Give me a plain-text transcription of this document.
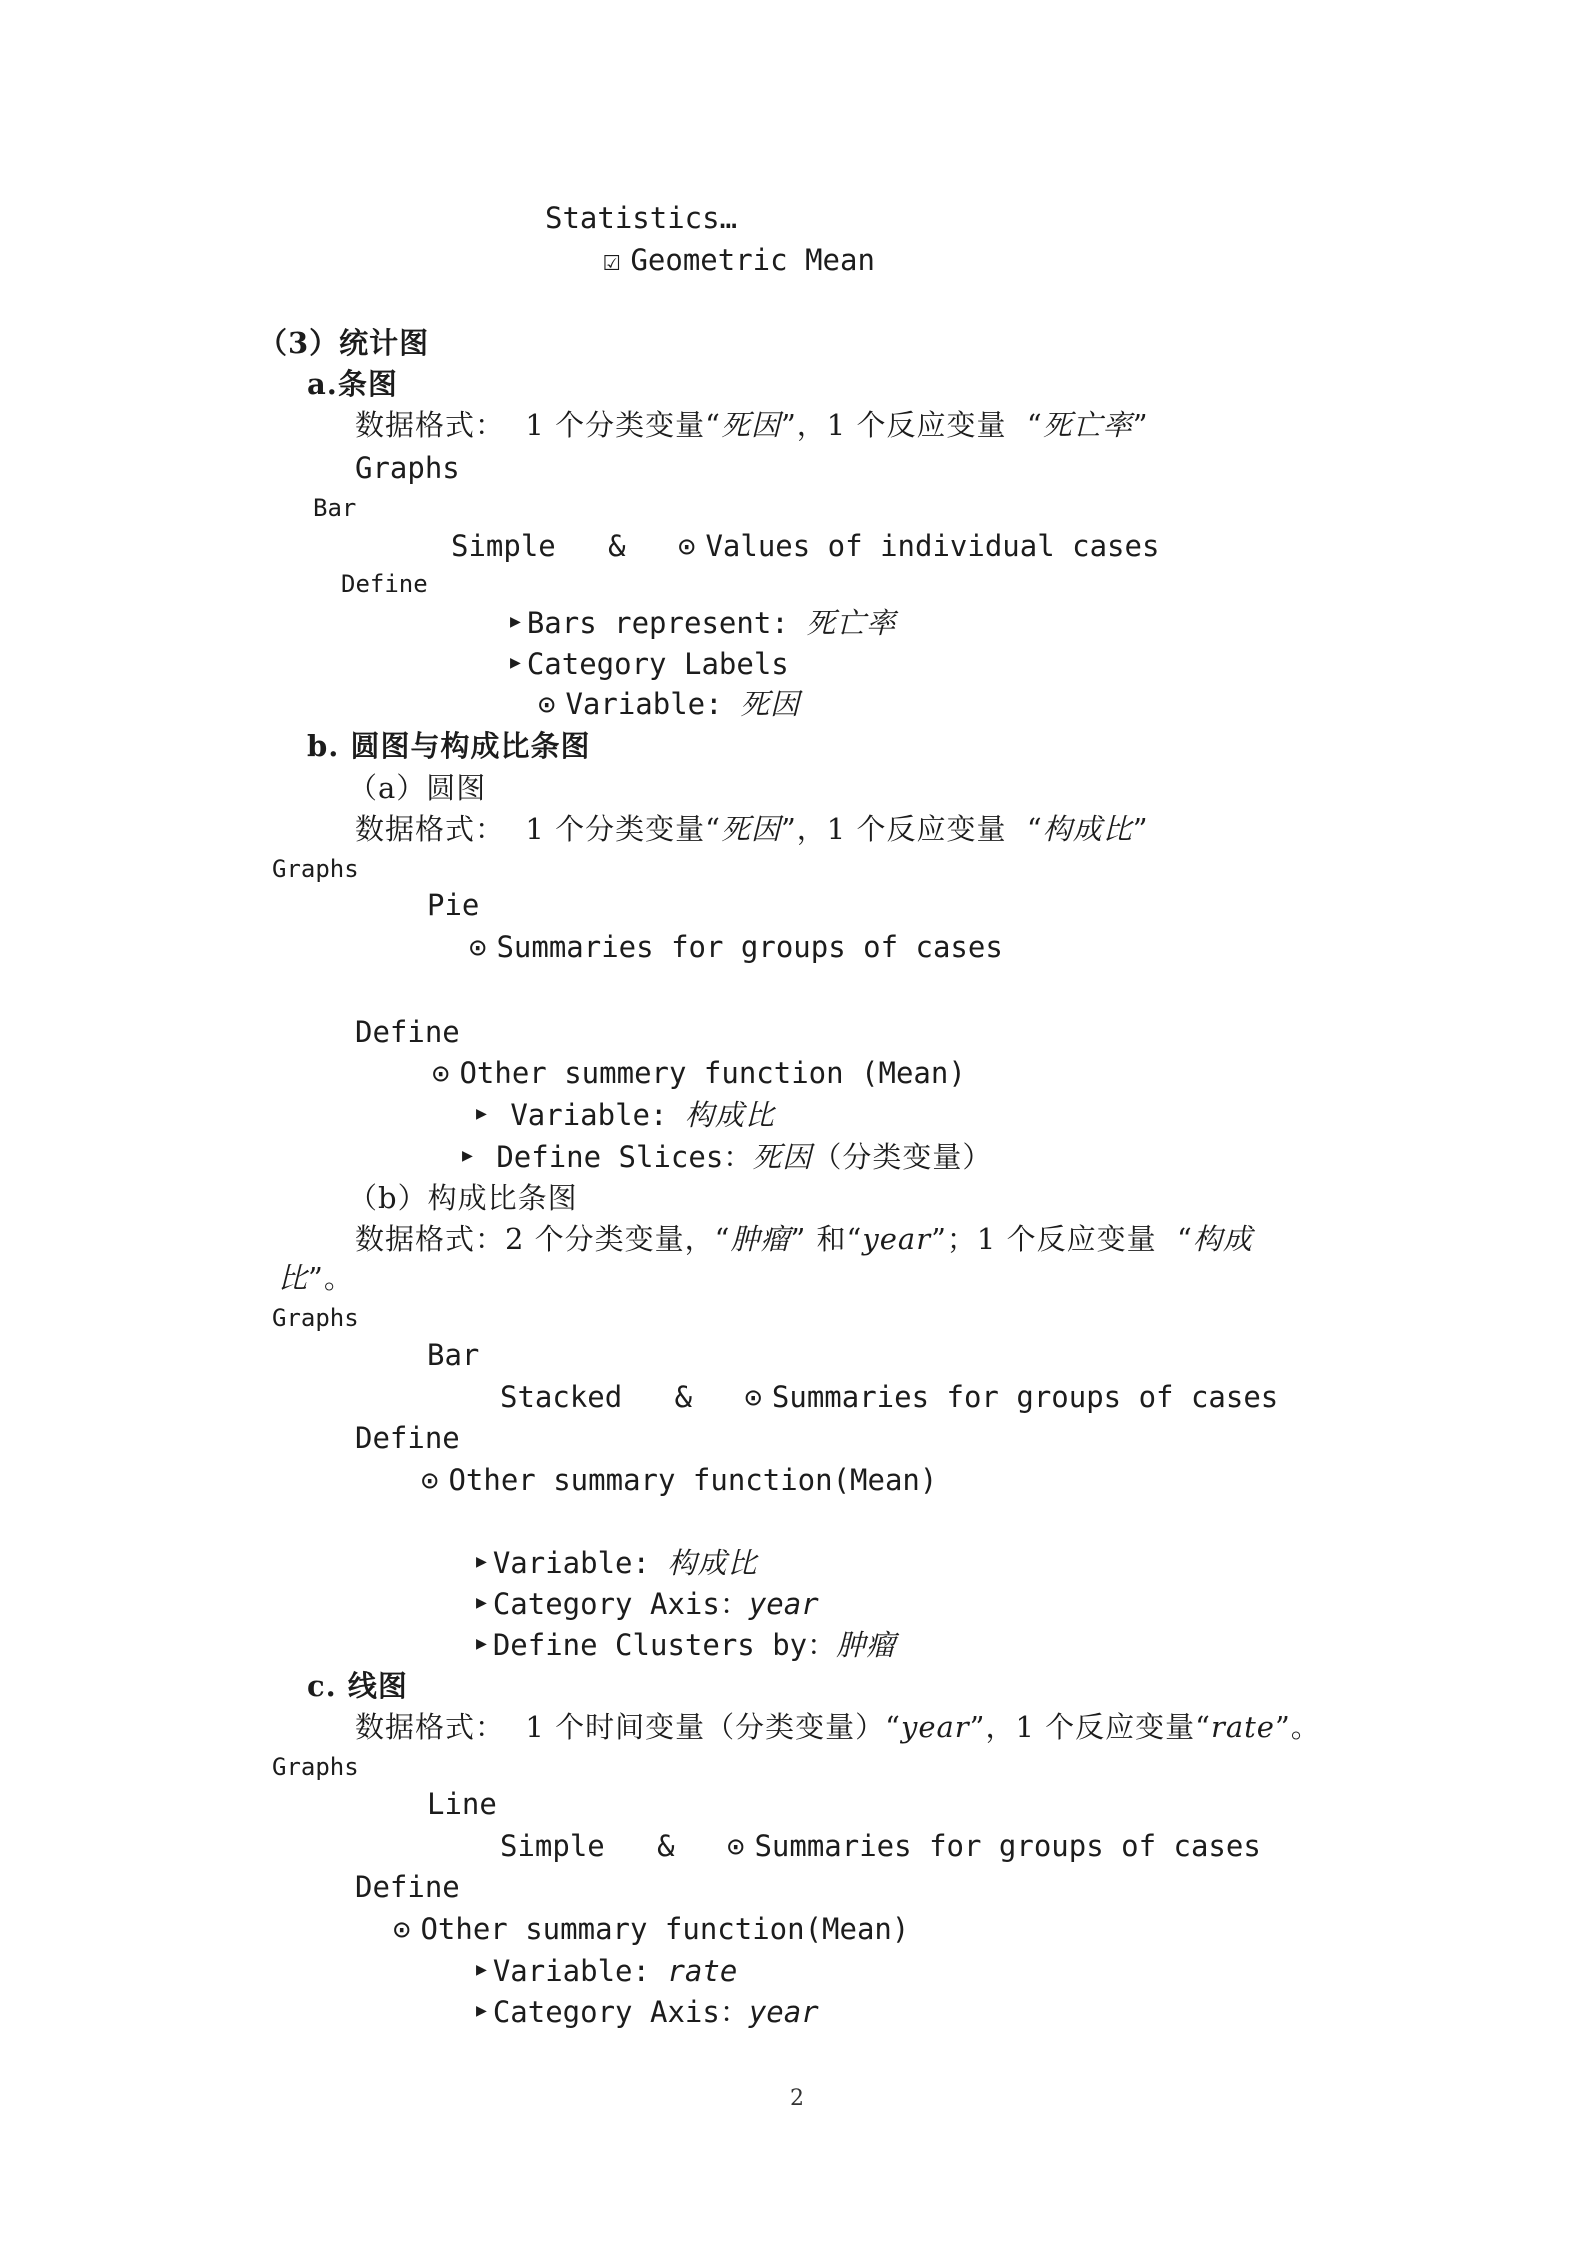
Statistics…
☑ Geometric Mean
（3）统计图
a.条图
数据格式：  1 个分类变量“死因”，1 个反应变量  “死亡率”
Graphs
Bar
Simple   & ⊙ Values of individual cases
Define
▶ Bars represent: 死亡率
▶ Category Labels
⊙ Variable: 死因
b. 圆图与构成比条图
（a）圆图
数据格式：  1 个分类变量“死因”，1 个反应变量  “构成比”
Graphs
Pie
⊙ Summaries for groups of cases
Define
⊙ Other summery function (Mean)
▶ Variable: 构成比
▶ Define Slices：死因（分类变量）
（b）构成比条图
数据格式：2 个分类变量，“肿瘤” 和“year”；1 个反应变量  “构成
比”。
Graphs
Bar
Stacked   & ⊙ Summaries for groups of cases
Define
⊙ Other summary function(Mean)
▶ Variable: 构成比
▶ Category Axis：year
▶ Define Clusters by：肿瘤
c. 线图
数据格式：  1 个时间变量（分类变量）“year”，1 个反应变量“rate”。
Graphs
Line
Simple   & ⊙ Summaries for groups of cases
Define
⊙ Other summary function(Mean)
▶ Variable: rate
▶ Category Axis：year
2
